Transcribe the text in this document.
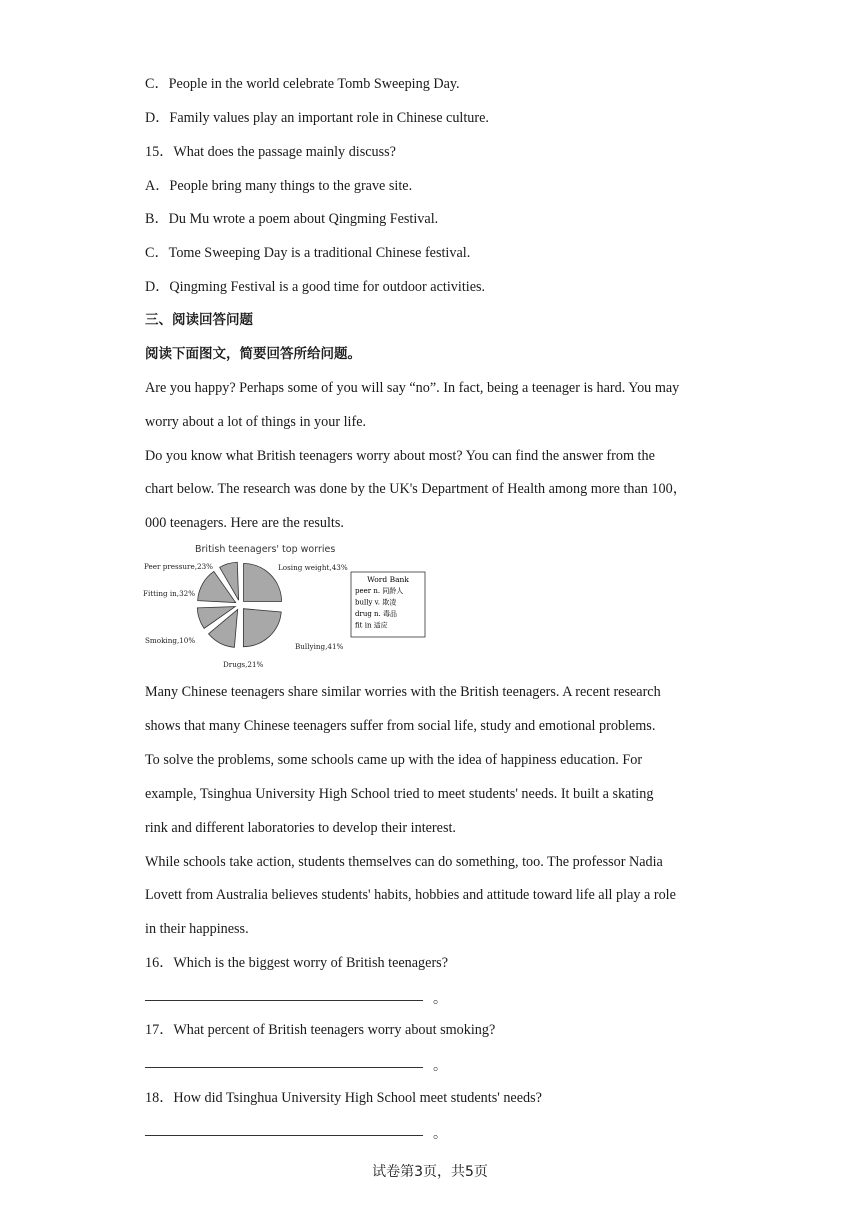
C．People in the world celebrate Tomb Sweeping Day.
D．Family values play an important role in Chinese culture.
15．What does the passage mainly discuss?
A．People bring many things to the grave site.
B．Du Mu wrote a poem about Qingming Festival.
C．Tome Sweeping Day is a traditional Chinese festival.
D．Qingming Festival is a good time for outdoor activities.
三、阅读回答问题
阅读下面图文，简要回答所给问题。
Are you happy? Perhaps some of you will say “no”. In fact, being a teenager is hard. You may
worry about a lot of things in your life.
Do you know what British teenagers worry about most? You can find the answer from the
chart below. The research was done by the UK's Department of Health among more than 100，
000 teenagers. Here are the results.
British teenagers' top worries
Losing weight,43%
Bullying,41%
Drugs,21%
Smoking,10%
Fitting in,32%
Peer pressure,23%
Word Bank
peer n. 同龄人
bully v. 欺凌
drug n. 毒品
fit in 适应
Many Chinese teenagers share similar worries with the British teenagers. A recent research
shows that many Chinese teenagers suffer from social life, study and emotional problems.
To solve the problems, some schools came up with the idea of happiness education. For
example, Tsinghua University High School tried to meet students' needs. It built a skating
rink and different laboratories to develop their interest.
While schools take action, students themselves can do something, too. The professor Nadia
Lovett from Australia believes students' habits, hobbies and attitude toward life all play a role
in their happiness.
16．Which is the biggest worry of British teenagers?
。
17．What percent of British teenagers worry about smoking?
。
18．How did Tsinghua University High School meet students' needs?
。
试卷第3页，共5页
